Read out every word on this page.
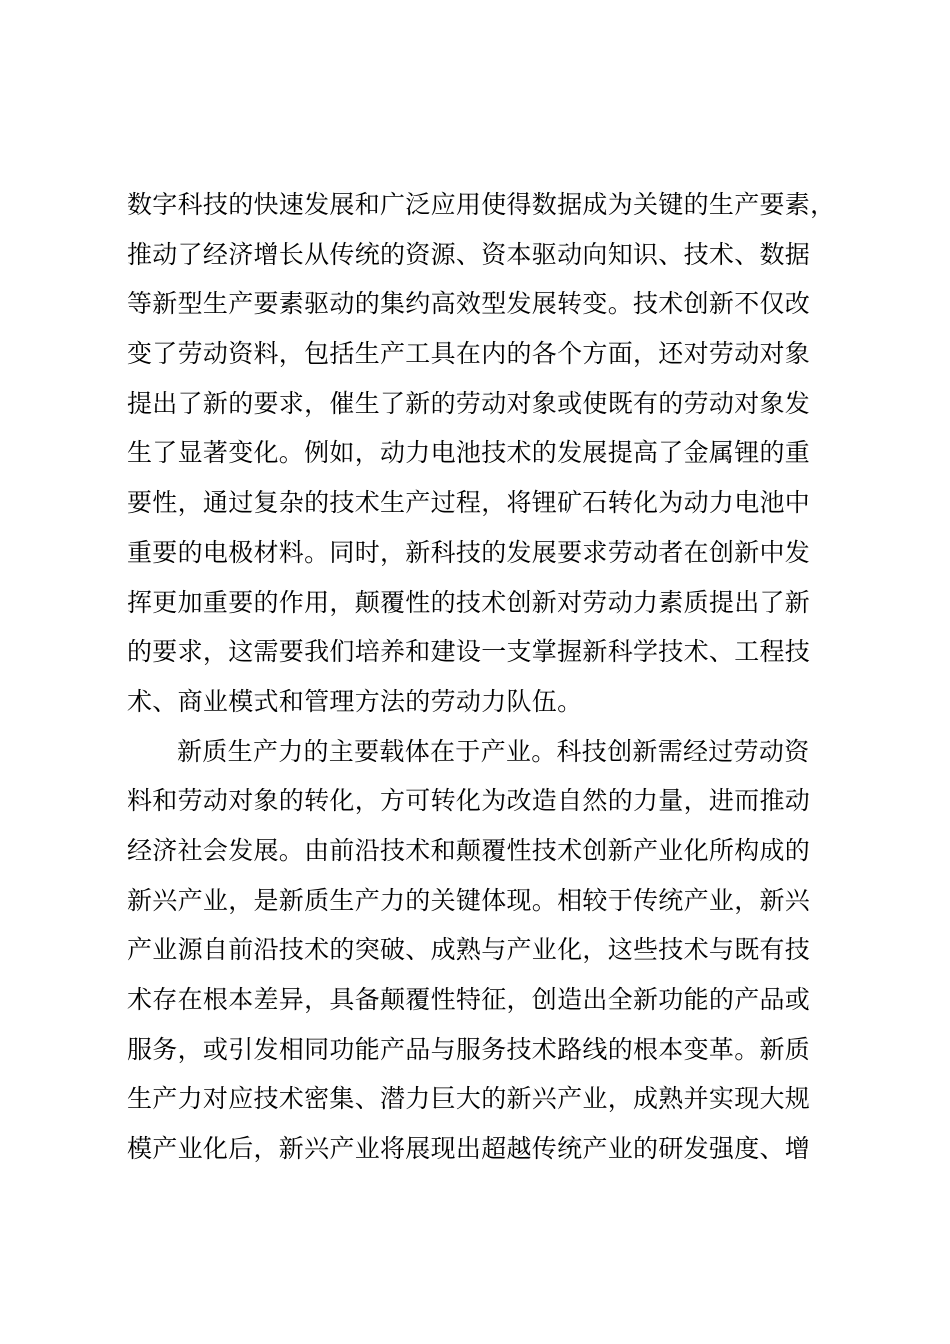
数字科技的快速发展和广泛应用使得数据成为关键的生产要素，
推动了经济增长从传统的资源、资本驱动向知识、技术、数据
等新型生产要素驱动的集约高效型发展转变。技术创新不仅改
变了劳动资料，包括生产工具在内的各个方面，还对劳动对象
提出了新的要求，催生了新的劳动对象或使既有的劳动对象发
生了显著变化。例如，动力电池技术的发展提高了金属锂的重
要性，通过复杂的技术生产过程，将锂矿石转化为动力电池中
重要的电极材料。同时，新科技的发展要求劳动者在创新中发
挥更加重要的作用，颠覆性的技术创新对劳动力素质提出了新
的要求，这需要我们培养和建设一支掌握新科学技术、工程技
术、商业模式和管理方法的劳动力队伍。
新质生产力的主要载体在于产业。科技创新需经过劳动资
料和劳动对象的转化，方可转化为改造自然的力量，进而推动
经济社会发展。由前沿技术和颠覆性技术创新产业化所构成的
新兴产业，是新质生产力的关键体现。相较于传统产业，新兴
产业源自前沿技术的突破、成熟与产业化，这些技术与既有技
术存在根本差异，具备颠覆性特征，创造出全新功能的产品或
服务，或引发相同功能产品与服务技术路线的根本变革。新质
生产力对应技术密集、潜力巨大的新兴产业，成熟并实现大规
模产业化后，新兴产业将展现出超越传统产业的研发强度、增
